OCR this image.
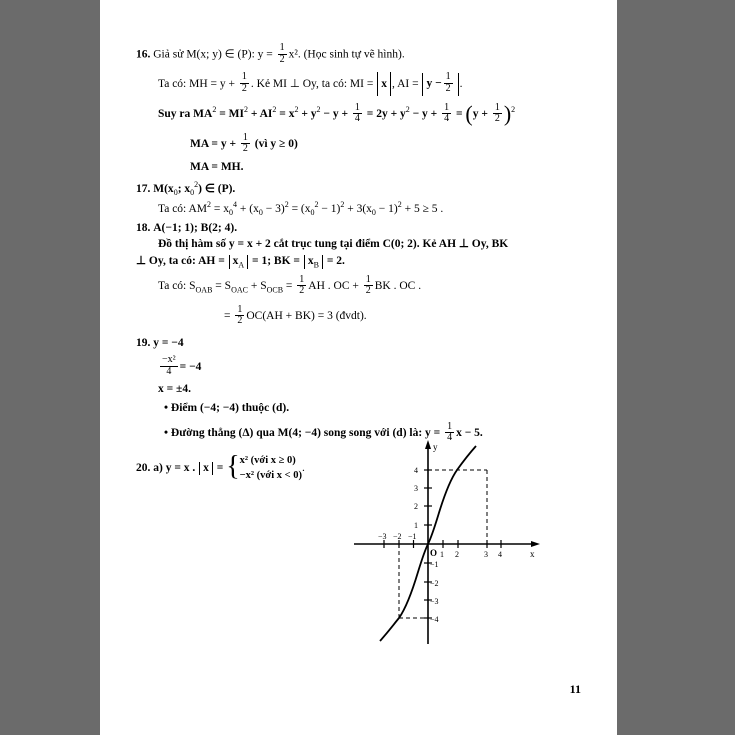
16. Giả sử M(x; y) ∈ (P): $y = \frac{1}{2} x^2$. (Học sinh tự vẽ hình).
Ta có: MH = $y + \frac{1}{2}$ . Kẻ MI ⊥ Oy, ta có: MI = x , AI = $y - \frac{1}{2}$ .
Suy ra $MA^2 = MI^2 + AI^2 = x^2 + y^2 - y + \frac{1}{4} = 2y + y^2 - y + \frac{1}{4} = (y + \frac{1}{2} )^2$
MA = $y + \frac{1}{2}$ (vì y ≥ 0)
MA = MH.
17. $M(x_0$; $x_0^2$) ∈ (P).
Ta có: $AM^2 = x_0^4 + (x_0 - 3)^2 = (x_0^2 - 1)^2 + 3(x_0 - 1)^2 + 5 \ge 5$ .
18. A(−1; 1); B(2; 4).
Đồ thị hàm số y = x + 2 cắt trục tung tại điểm C(0; 2). Kẻ AH ⊥ Oy, BK
⊥ Oy, ta có: AH = $x_A = 1$; BK = $x_B = 2$.
Ta có: $S_{OAB} = S_{OAC} + S_{OCB} = \frac{1}{2}$ AH . OC + $\frac{1}{2}$ BK . OC .
= $\frac{1}{2} OC(AH + BK) = 3$ (đvdt).
19. y = −4
$\frac{\text{−x²}}{4} = -4$
x = ±4.
• Điểm (−4; −4) thuộc (d).
• Đường thẳng (Δ) qua M(4; −4) song song với (d) là: $y = \frac{1}{4}$ x − 5.
20. a) y = x . x = { x² (với x ≥ 0)
−x² (với x < 0)
.
y
x
O
−3 −2 −1
1 2	3 4
4
3
2
1
−1
−2
−3
−4
11
